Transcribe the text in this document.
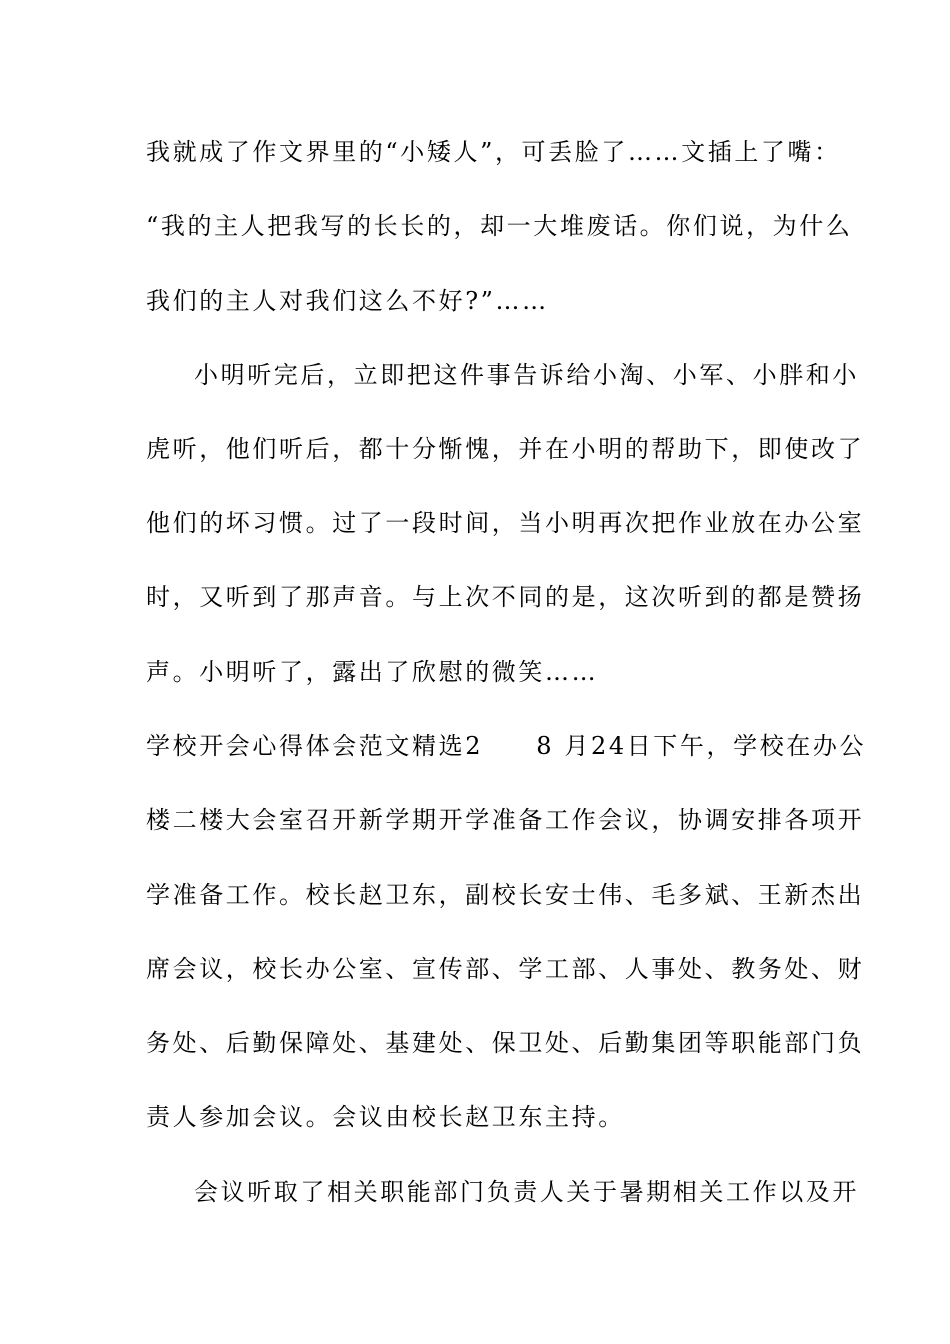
我就成了作文界里的“小矮人”，可丢脸了……文插上了嘴：
“我的主人把我写的长长的，却一大堆废话。你们说，为什么
我们的主人对我们这么不好?”……
小明听完后，立即把这件事告诉给小淘、小军、小胖和小
虎听，他们听后，都十分惭愧，并在小明的帮助下，即使改了
他们的坏习惯。过了一段时间，当小明再次把作业放在办公室
时，又听到了那声音。与上次不同的是，这次听到的都是赞扬
声。小明听了，露出了欣慰的微笑……
学校开会心得体会范文精选2　　8 月24日下午，学校在办公
楼二楼大会室召开新学期开学准备工作会议，协调安排各项开
学准备工作。校长赵卫东，副校长安士伟、毛多斌、王新杰出
席会议，校长办公室、宣传部、学工部、人事处、教务处、财
务处、后勤保障处、基建处、保卫处、后勤集团等职能部门负
责人参加会议。会议由校长赵卫东主持。
会议听取了相关职能部门负责人关于暑期相关工作以及开
